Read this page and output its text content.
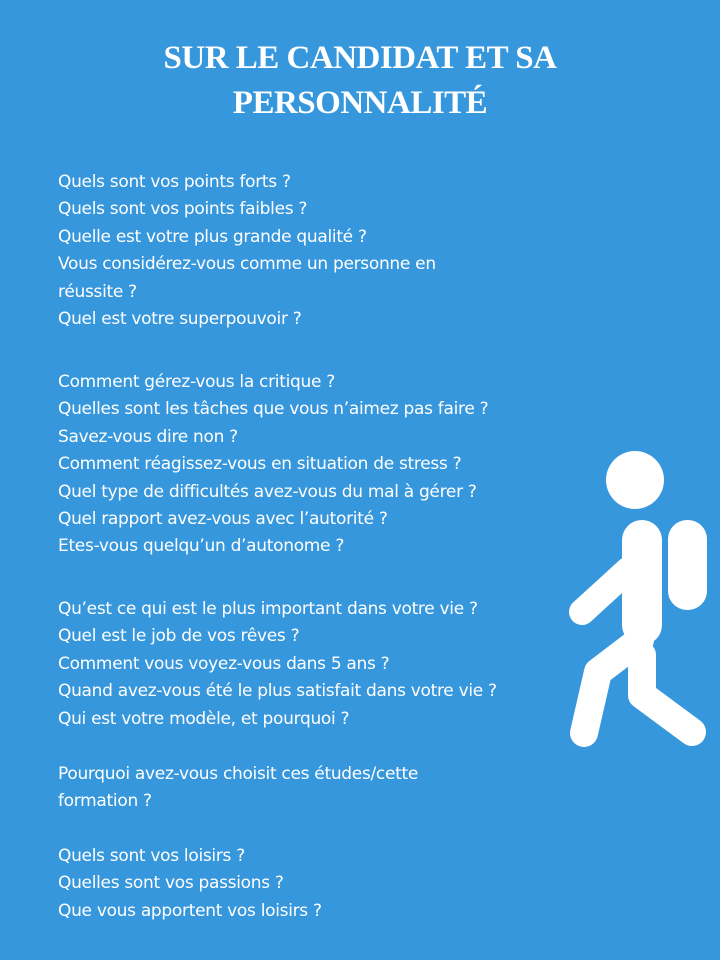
SUR LE CANDIDAT ET SA
PERSONNALITÉ
Quels sont vos points forts ?
Quels sont vos points faibles ?
Quelle est votre plus grande qualité ?
Vous considérez-vous comme un personne en
réussite ?
Quel est votre superpouvoir ?
Comment gérez-vous la critique ?
Quelles sont les tâches que vous n’aimez pas faire ?
Savez-vous dire non ?
Comment réagissez-vous en situation de stress ?
Quel type de difficultés avez-vous du mal à gérer ?
Quel rapport avez-vous avec l’autorité ?
Etes-vous quelqu’un d’autonome ?
Qu’est ce qui est le plus important dans votre vie ?
Quel est le job de vos rêves ?
Comment vous voyez-vous dans 5 ans ?
Quand avez-vous été le plus satisfait dans votre vie ?
Qui est votre modèle, et pourquoi ?
Pourquoi avez-vous choisit ces études/cette
formation ?
Quels sont vos loisirs ?
Quelles sont vos passions ?
Que vous apportent vos loisirs ?
